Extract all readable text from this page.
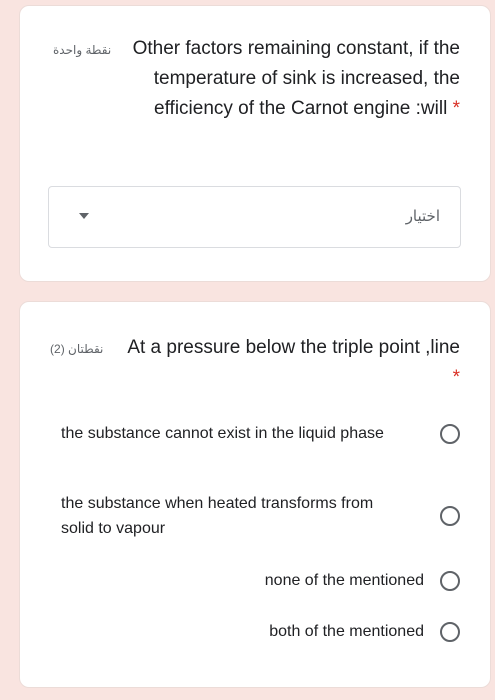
نقطة واحدة	Other factors remaining constant, if the temperature of sink is increased, the efficiency of the Carnot engine :will *
اختيار
نقطتان (2)	At a pressure below the triple point ,line *
the substance cannot exist in the liquid phase
the substance when heated transforms from solid to vapour
none of the mentioned
both of the mentioned
